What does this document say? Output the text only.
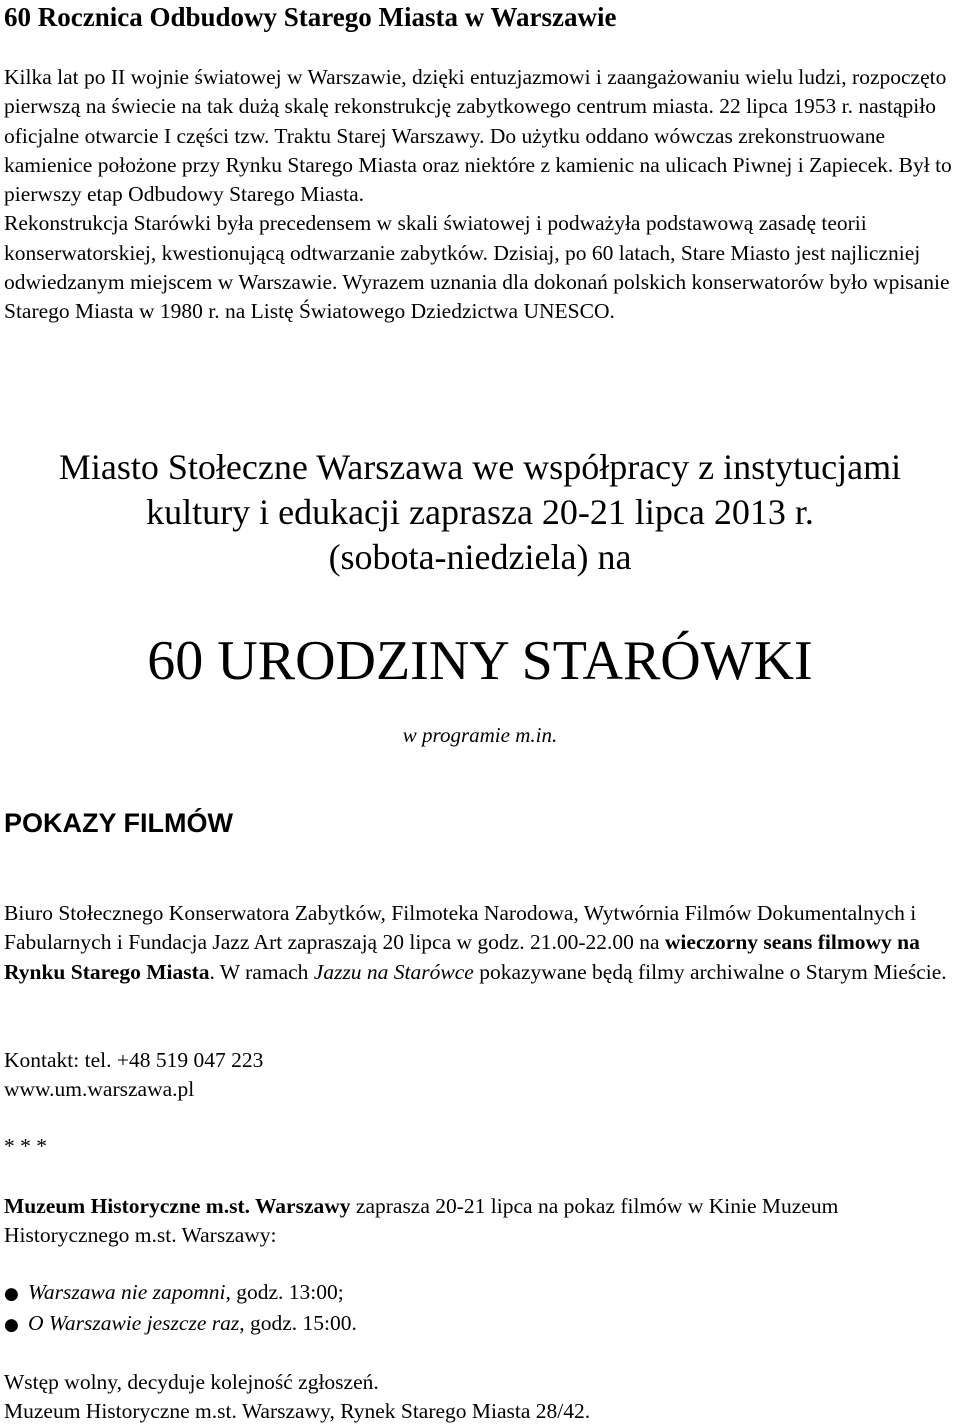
60 Rocznica Odbudowy Starego Miasta w Warszawie

Kilka lat po II wojnie światowej w Warszawie, dzięki entuzjazmowi i zaangażowaniu wielu ludzi, rozpoczęto pierwszą na świecie na tak dużą skalę rekonstrukcję zabytkowego centrum miasta. 22 lipca 1953 r. nastąpiło oficjalne otwarcie I części tzw. Traktu Starej Warszawy. Do użytku oddano wówczas zrekonstruowane kamienice położone przy Rynku Starego Miasta oraz niektóre z kamienic na ulicach Piwnej i Zapiecek. Był to pierwszy etap Odbudowy Starego Miasta.

Rekonstrukcja Starówki była precedensem w skali światowej i podważyła podstawową zasadę teorii konserwatorskiej, kwestionującą odtwarzanie zabytków. Dzisiaj, po 60 latach, Stare Miasto jest najliczniej odwiedzanym miejscem w Warszawie. Wyrazem uznania dla dokonań polskich konserwatorów było wpisanie Starego Miasta w 1980 r. na Listę Światowego Dziedzictwa UNESCO.

Miasto Stołeczne Warszawa we współpracy z instytucjami
kultury i edukacji zaprasza 20-21 lipca 2013 r.
(sobota-niedziela) na
60 URODZINY STARÓWKI
w programie m.in.
POKAZY FILMÓW
Biuro Stołecznego Konserwatora Zabytków, Filmoteka Narodowa, Wytwórnia Filmów Dokumentalnych i Fabularnych i Fundacja Jazz Art zapraszają 20 lipca w godz. 21.00-22.00 na wieczorny seans filmowy na Rynku Starego Miasta. W ramach Jazzu na Starówce pokazywane będą filmy archiwalne o Starym Mieście.
Kontakt: tel. +48 519 047 223
www.um.warszawa.pl
* * *
Muzeum Historyczne m.st. Warszawy zaprasza 20-21 lipca na pokaz filmów w Kinie Muzeum Historycznego m.st. Warszawy:
● Warszawa nie zapomni, godz. 13:00;
● O Warszawie jeszcze raz, godz. 15:00.
Wstęp wolny, decyduje kolejność zgłoszeń.
Muzeum Historyczne m.st. Warszawy, Rynek Starego Miasta 28/42.
